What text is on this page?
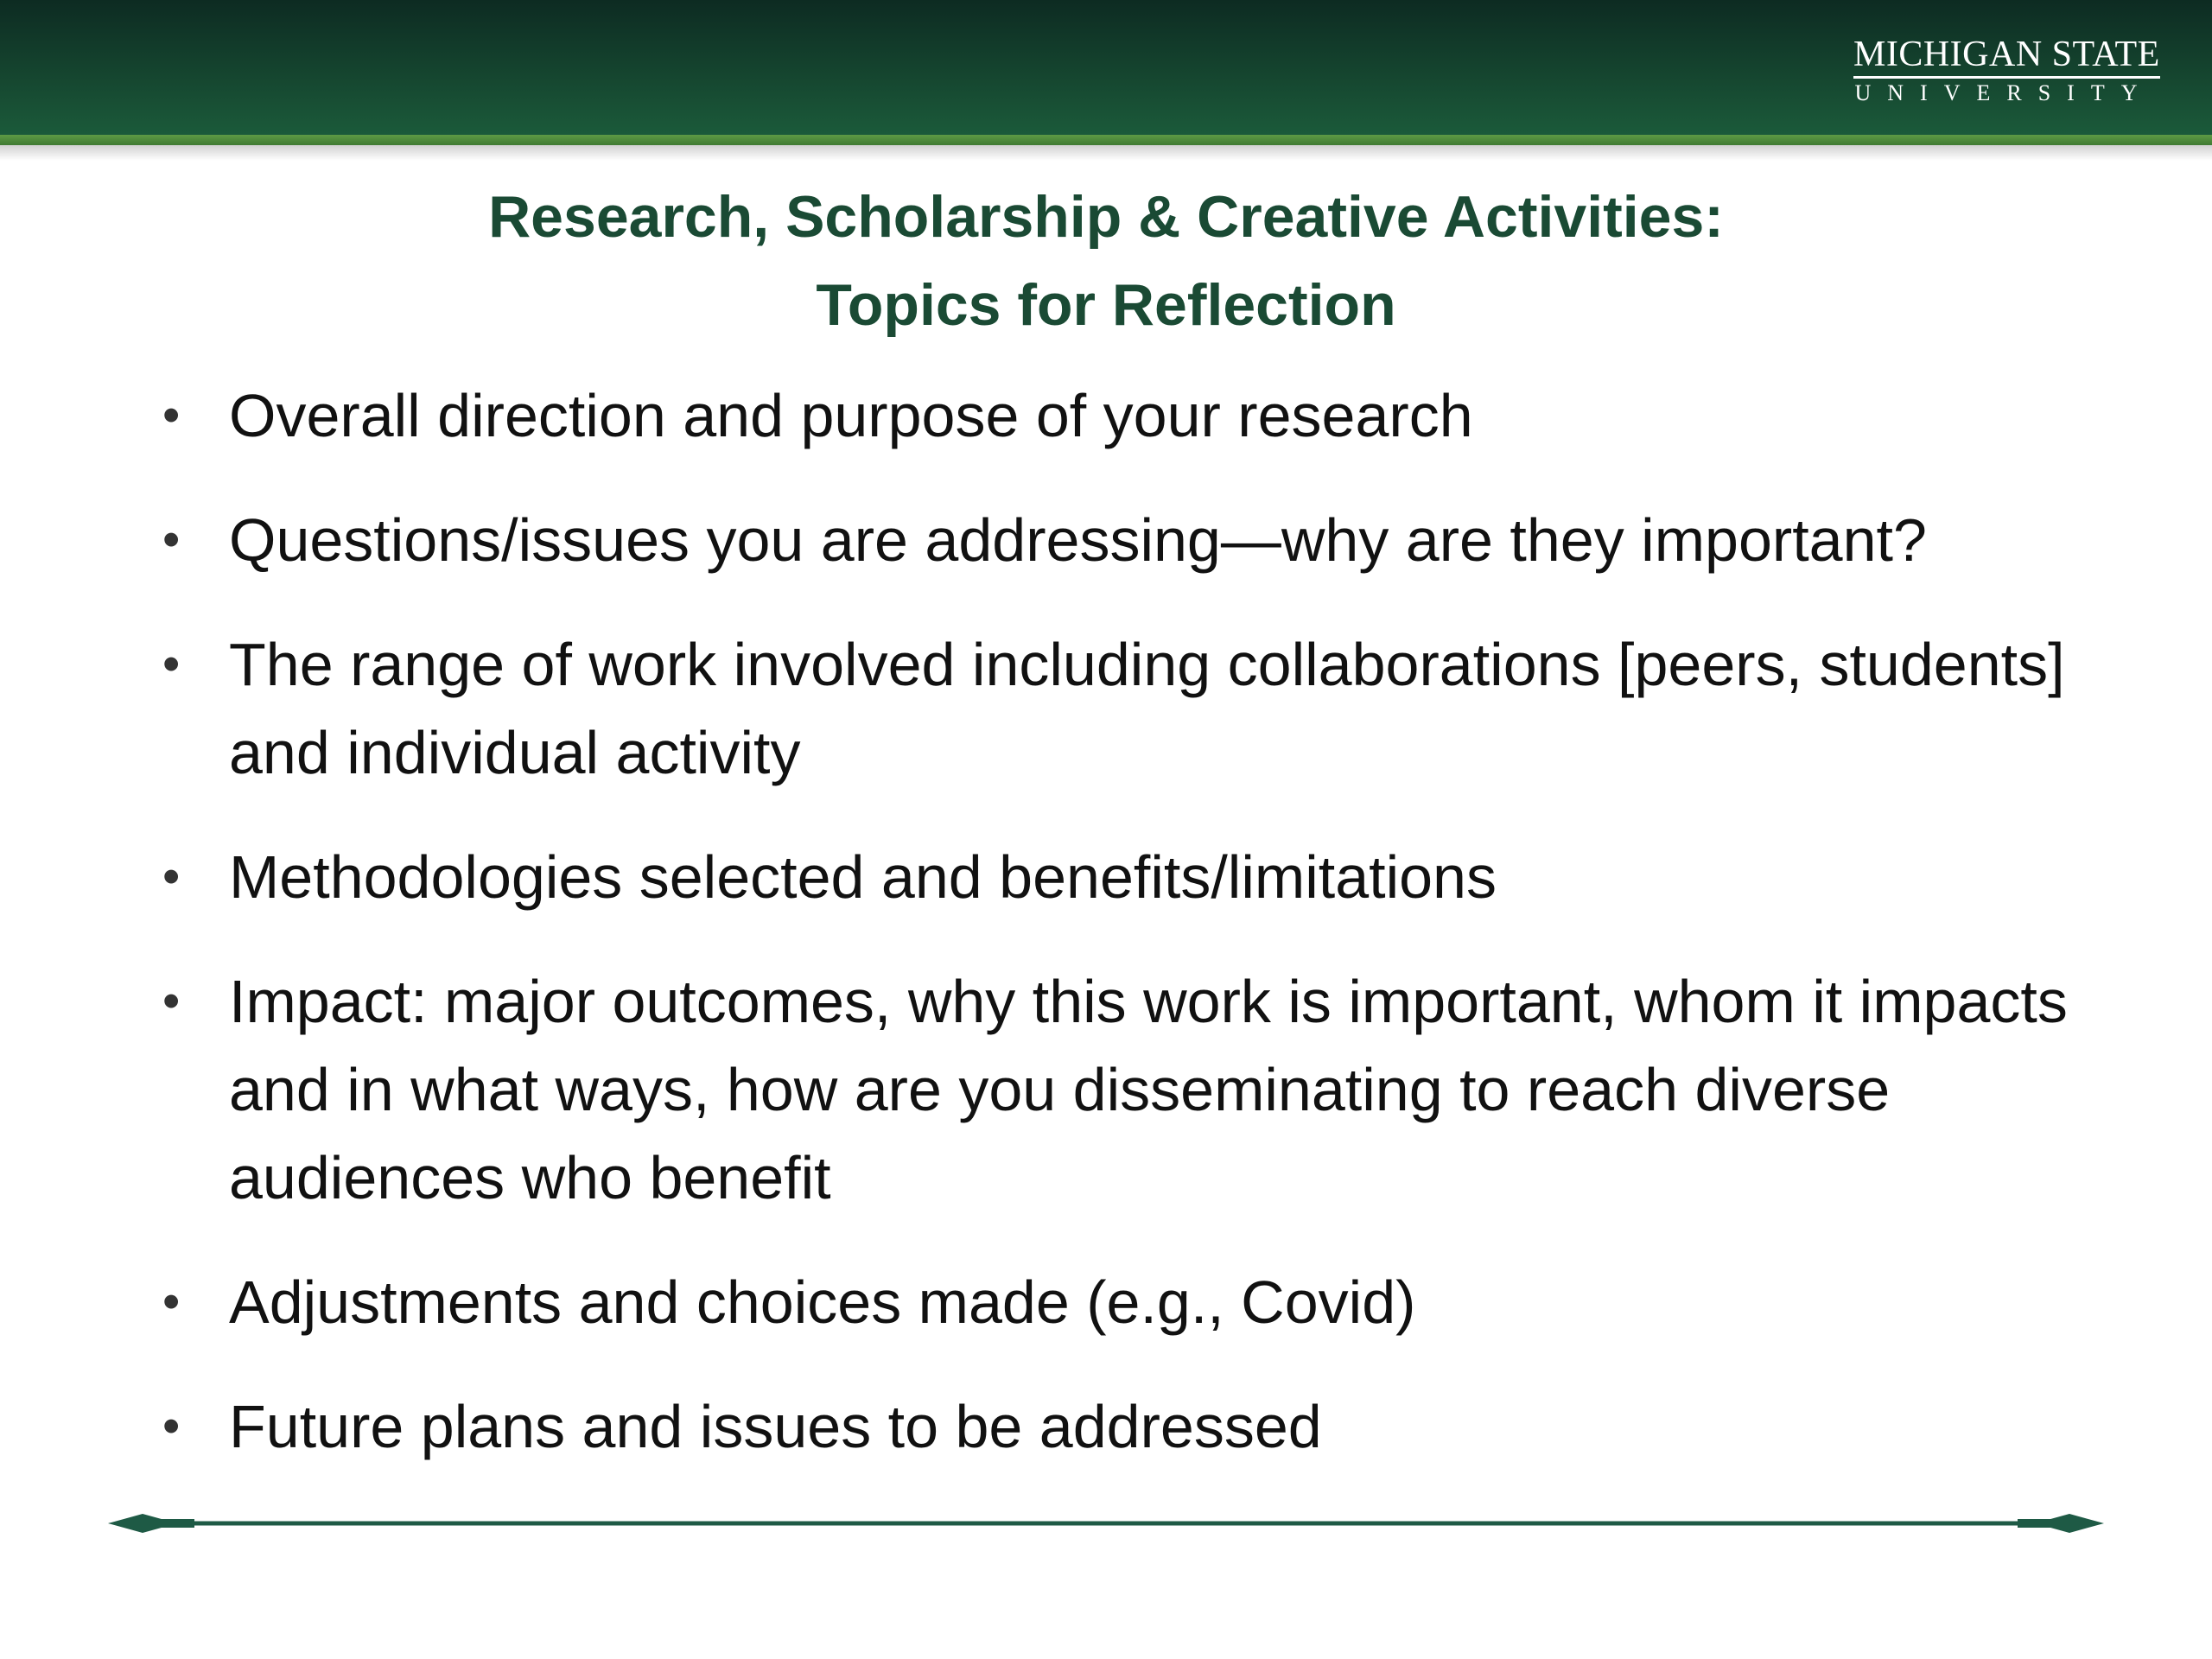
MICHIGAN STATE
UNIVERSITY
Research, Scholarship & Creative Activities:
Topics for Reflection
• Overall direction and purpose of your research
• Questions/issues you are addressing—why are they important?
• The range of work involved including collaborations [peers, students] and individual activity
• Methodologies selected and benefits/limitations
• Impact: major outcomes, why this work is important, whom it impacts and in what ways, how are you disseminating to reach diverse audiences who benefit
• Adjustments and choices made (e.g., Covid)
• Future plans and issues to be addressed
